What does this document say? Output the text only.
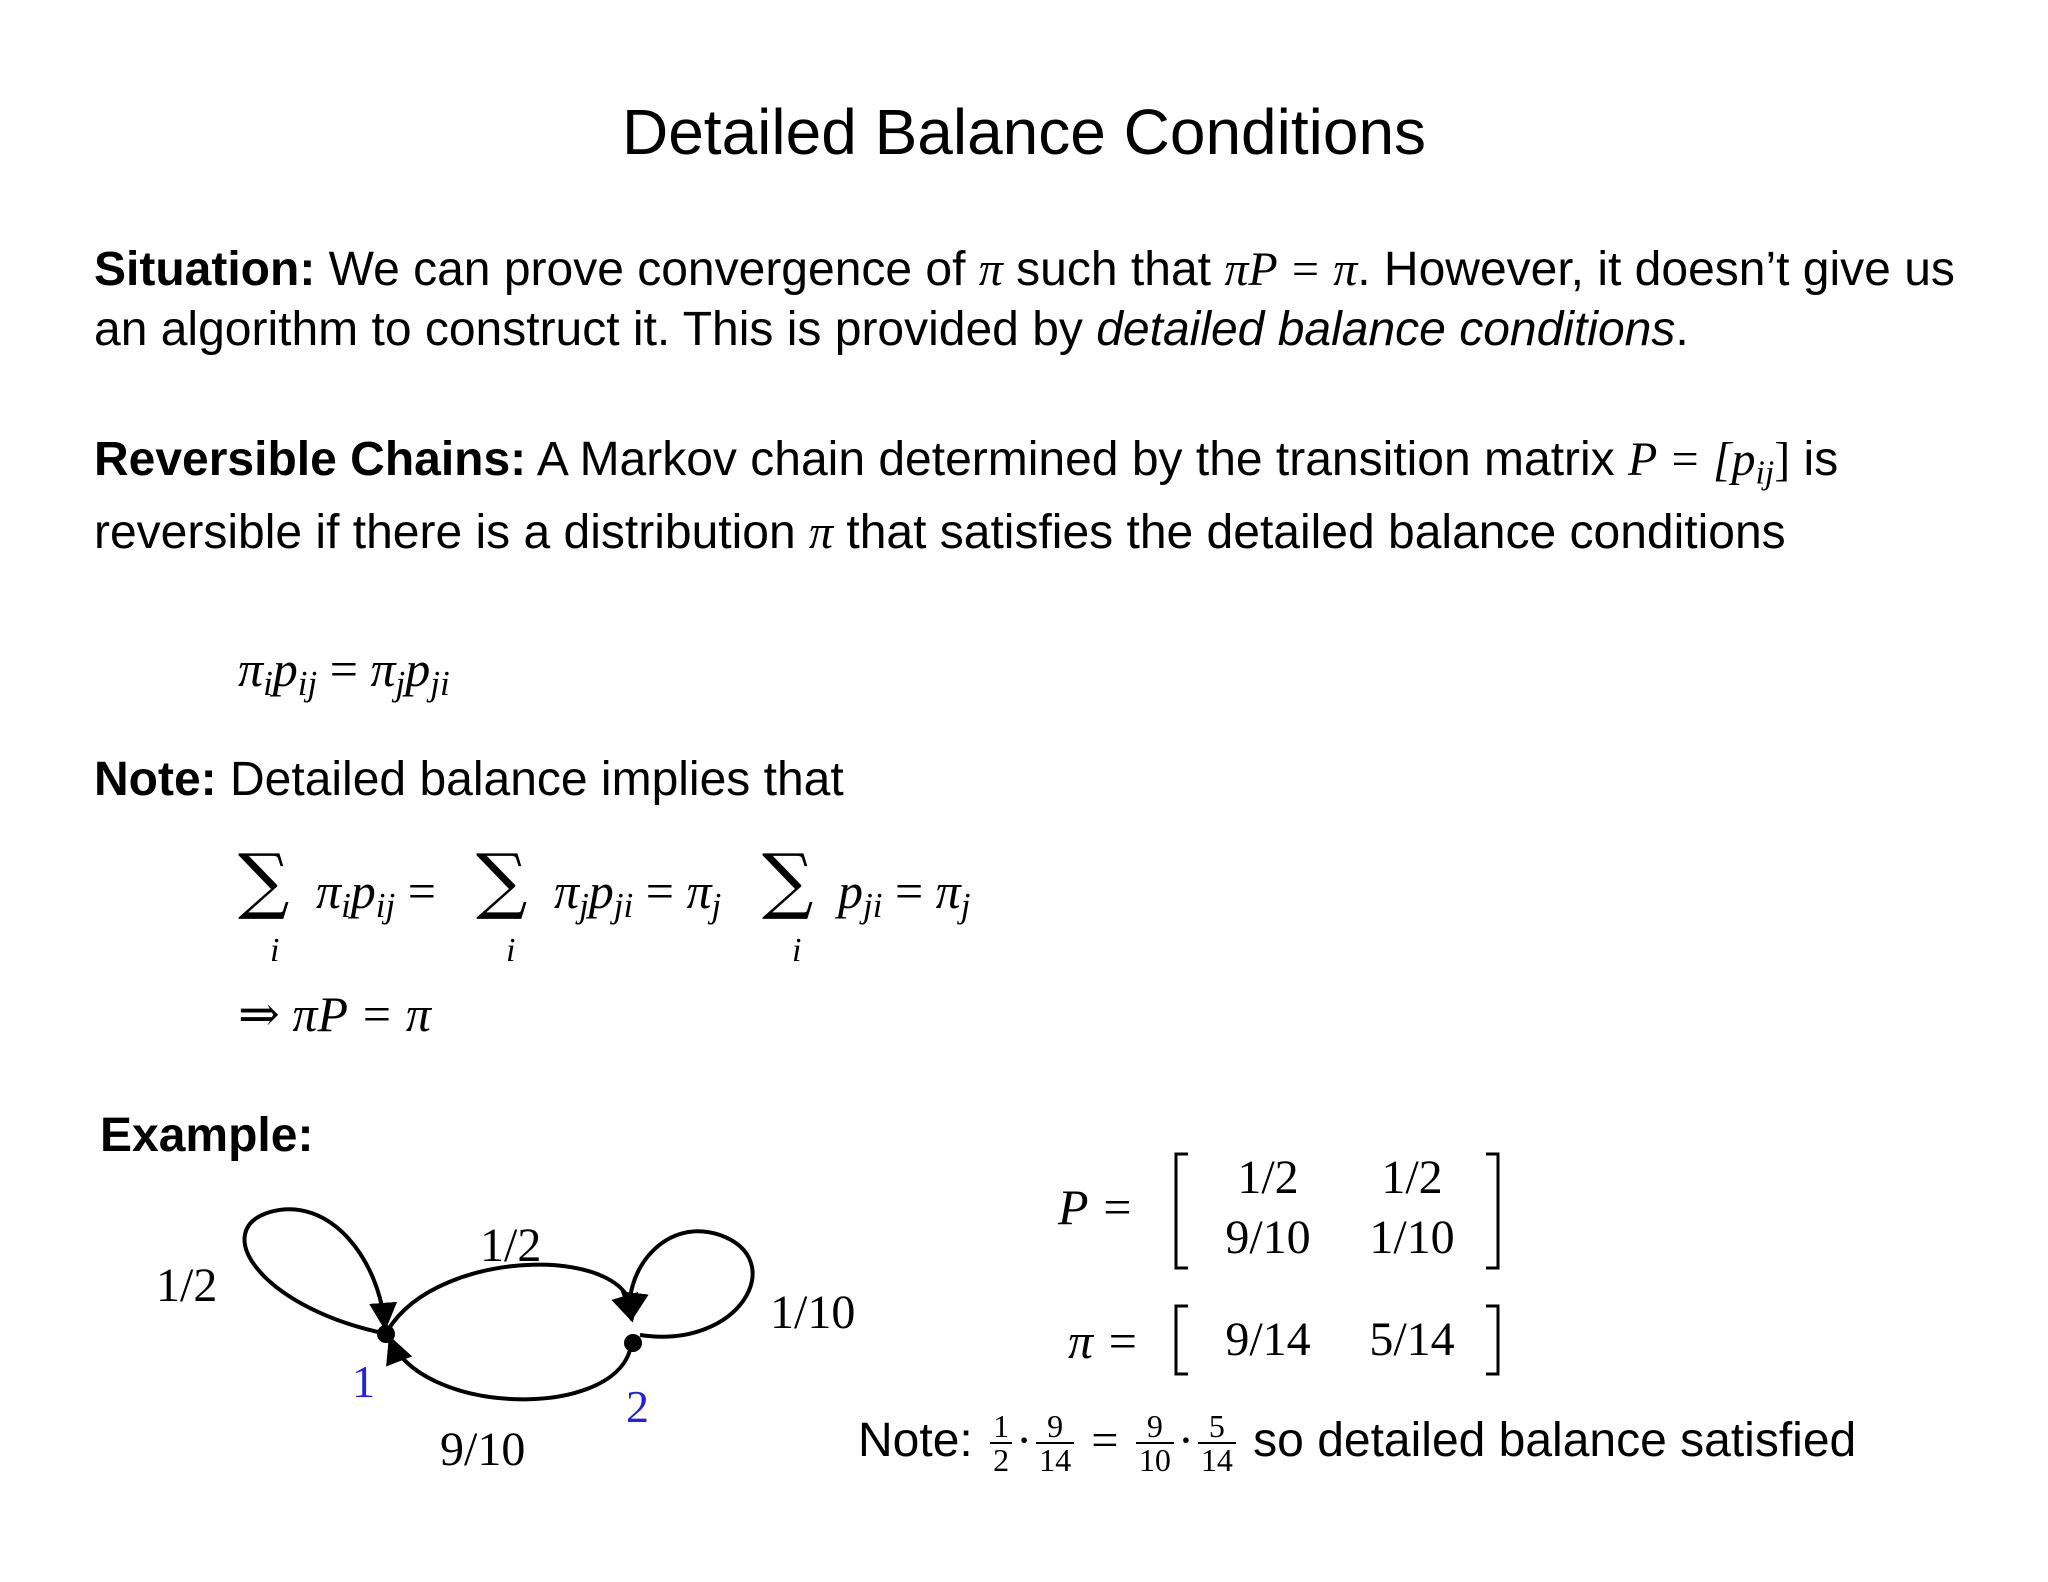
Detailed Balance Conditions
Situation: We can prove convergence of π such that πP = π. However, it doesn’t give us an algorithm to construct it. This is provided by detailed balance conditions.
Reversible Chains: A Markov chain determined by the transition matrix $P = [p_{ij}]$ is reversible if there is a distribution π that satisfies the detailed balance conditions
$\pi_ip_{ij} = \pi_jp_{ji}$
Note: Detailed balance implies that
∑
i
$\pi_ip_{ij}$ = ∑
i
$\pi_jp_{ji} = \pi_j$ ∑
i
$p_{ji} = \pi_j$
⇒ πP = π
Example:
1/2
1/2
1/10
9/10
1	2
P =
1/2	1/2
9/10	1/10
π =	9/14	5/14
Note: $\frac{1}{2} \cdot \frac{9}{14} = \frac{9}{10} \cdot \frac{5}{14}$ so detailed balance satisfied
